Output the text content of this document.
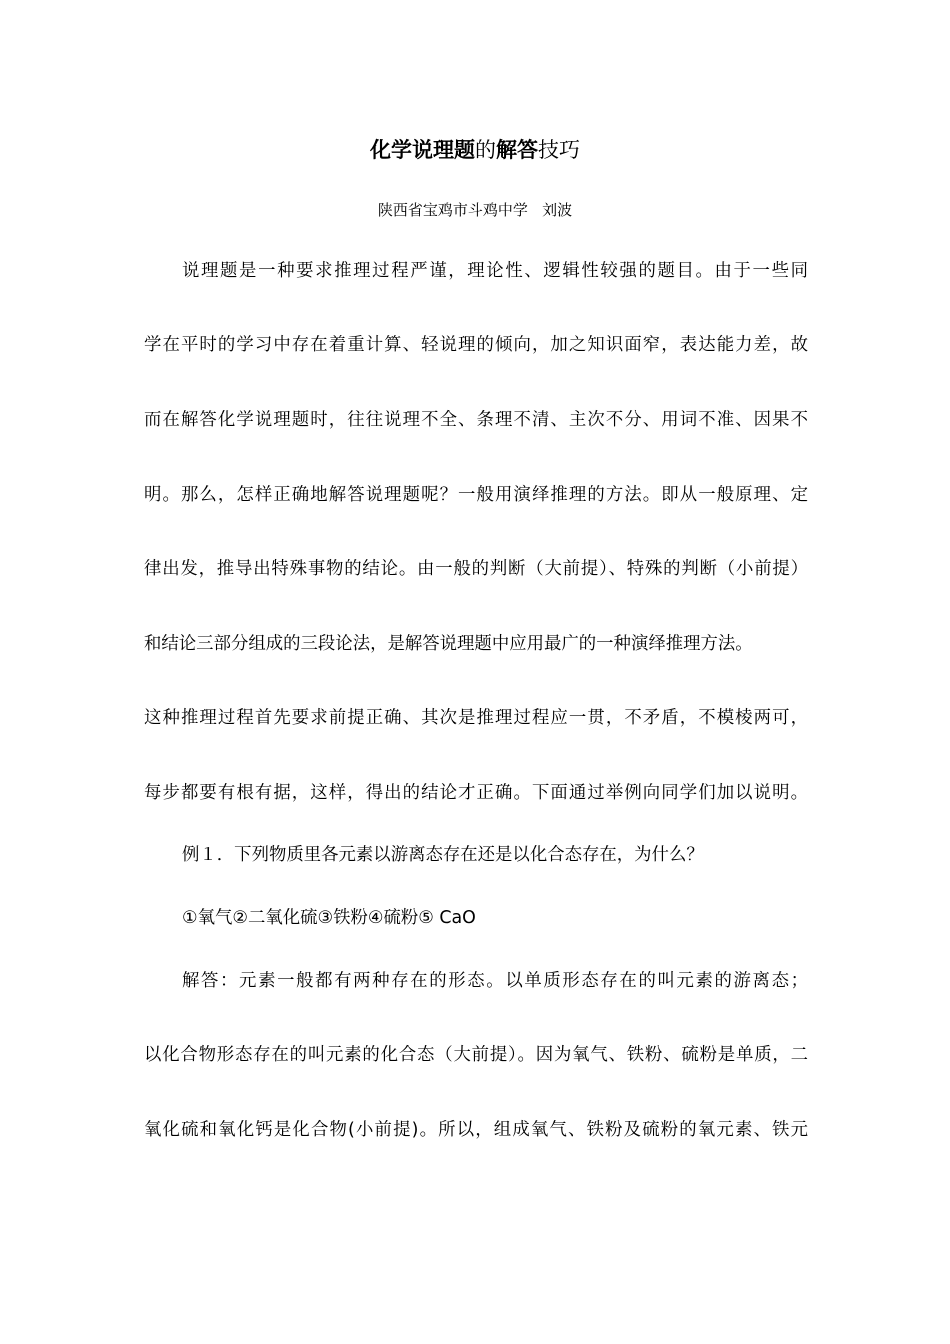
化学说理题的解答技巧
陕西省宝鸡市斗鸡中学   刘波
说理题是一种要求推理过程严谨，理论性、逻辑性较强的题目。由于一些同
学在平时的学习中存在着重计算、轻说理的倾向，加之知识面窄，表达能力差，故
而在解答化学说理题时，往往说理不全、条理不清、主次不分、用词不准、因果不
明。那么，怎样正确地解答说理题呢？一般用演绎推理的方法。即从一般原理、定
律出发，推导出特殊事物的结论。由一般的判断（大前提）、特殊的判断（小前提）
和结论三部分组成的三段论法，是解答说理题中应用最广的一种演绎推理方法。
这种推理过程首先要求前提正确、其次是推理过程应一贯，不矛盾，不模棱两可，
每步都要有根有据，这样，得出的结论才正确。下面通过举例向同学们加以说明。
例１．下列物质里各元素以游离态存在还是以化合态存在，为什么？
①氧气②二氧化硫③铁粉④硫粉⑤ CaO
解答：元素一般都有两种存在的形态。以单质形态存在的叫元素的游离态；
以化合物形态存在的叫元素的化合态（大前提）。因为氧气、铁粉、硫粉是单质，二
氧化硫和氧化钙是化合物(小前提)。所以，组成氧气、铁粉及硫粉的氧元素、铁元
